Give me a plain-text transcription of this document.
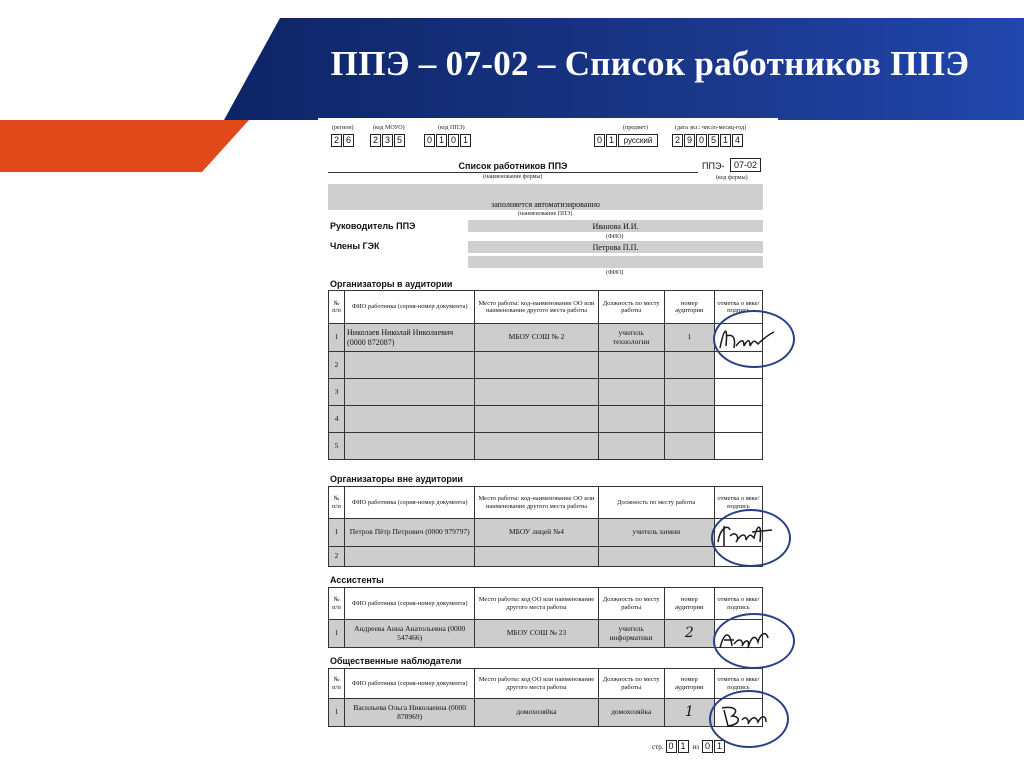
ППЭ – 07-02 – Список работников ППЭ
(регион)	(код МОУО)	(код ППЭ)	(предмет)	(дата экз.: число-месяц-год)
2 6	2 3 5	0 1 0 1	0 1	русский	2 9 0 5 1 4
Список работников ППЭ
(наименование формы)
ППЭ-	07-02
(код формы)
заполняется автоматизированно
(наименование ППЭ)
Руководитель ППЭ	Иванова И.И.
(ФИО)
Члены ГЭК	Петрова П.П.
(ФИО)
Организаторы в аудитории
№ п/п	ФИО работника (серия-номер документа)	Место работы: код-наименование ОО или наименование другого места работы	Должность по месту работы	номер аудитории	отметка о явке/ подпись
1	Николаев Николай Николаевич (0000 872087)	МБОУ СОШ № 2	учитель технологии	1	
2					
3					
4					
5					
Организаторы вне аудитории
№ п/п	ФИО работника (серия-номер документа)	Место работы: код-наименование ОО или наименование другого места работы	Должность по месту работы	отметка о явке/ подпись
1	Петров Пётр Петрович (0000 979797)	МБОУ лицей №4	учитель химии	
2				
Ассистенты
№ п/п	ФИО работника (серия-номер документа)	Место работы: код ОО или наименование другого места работы	Должность по месту работы	номер аудитории	отметка о явке/ подпись
1	Андреева Анна Анатольевна (0000 547466)	МБОУ СОШ № 23	учитель информатики	2	
Общественные наблюдатели
№ п/п	ФИО работника (серия-номер документа)	Место работы: код ОО или наименование другого места работы	Должность по месту работы	номер аудитории	отметка о явке/ подпись
1	Васильева Ольга Николаевна (0000 878969)	домохозяйка	домохозяйка	1	
стр. 0 1	из 0 1
